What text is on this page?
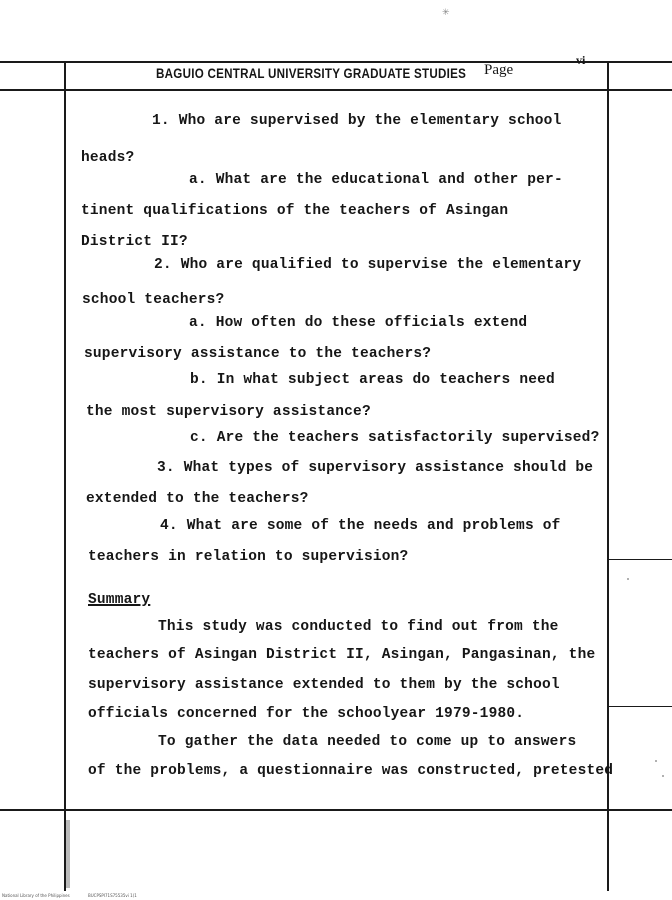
✳
BAGUIO CENTRAL UNIVERSITY GRADUATE STUDIES Page
vi
1. Who are supervised by the elementary school
heads?
a. What are the educational and other per-
tinent qualifications of the teachers of Asingan
District II?
2. Who are qualified to supervise the elementary
school teachers?
a. How often do these officials extend
supervisory assistance to the teachers?
b. In what subject areas do teachers need
the most supervisory assistance?
c. Are the teachers satisfactorily supervised?
3. What types of supervisory assistance should be
extended to the teachers?
4. What are some of the needs and problems of
teachers in relation to supervision?
Summary
This study was conducted to find out from the
teachers of Asingan District II, Asingan, Pangasinan, the
supervisory assistance extended to them by the school
officials concerned for the schoolyear 1979-1980.
To gather the data needed to come up to answers
of the problems, a questionnaire was constructed, pretested
National Library of the Philippines	BUCPSPI71S75535vi 1(1
